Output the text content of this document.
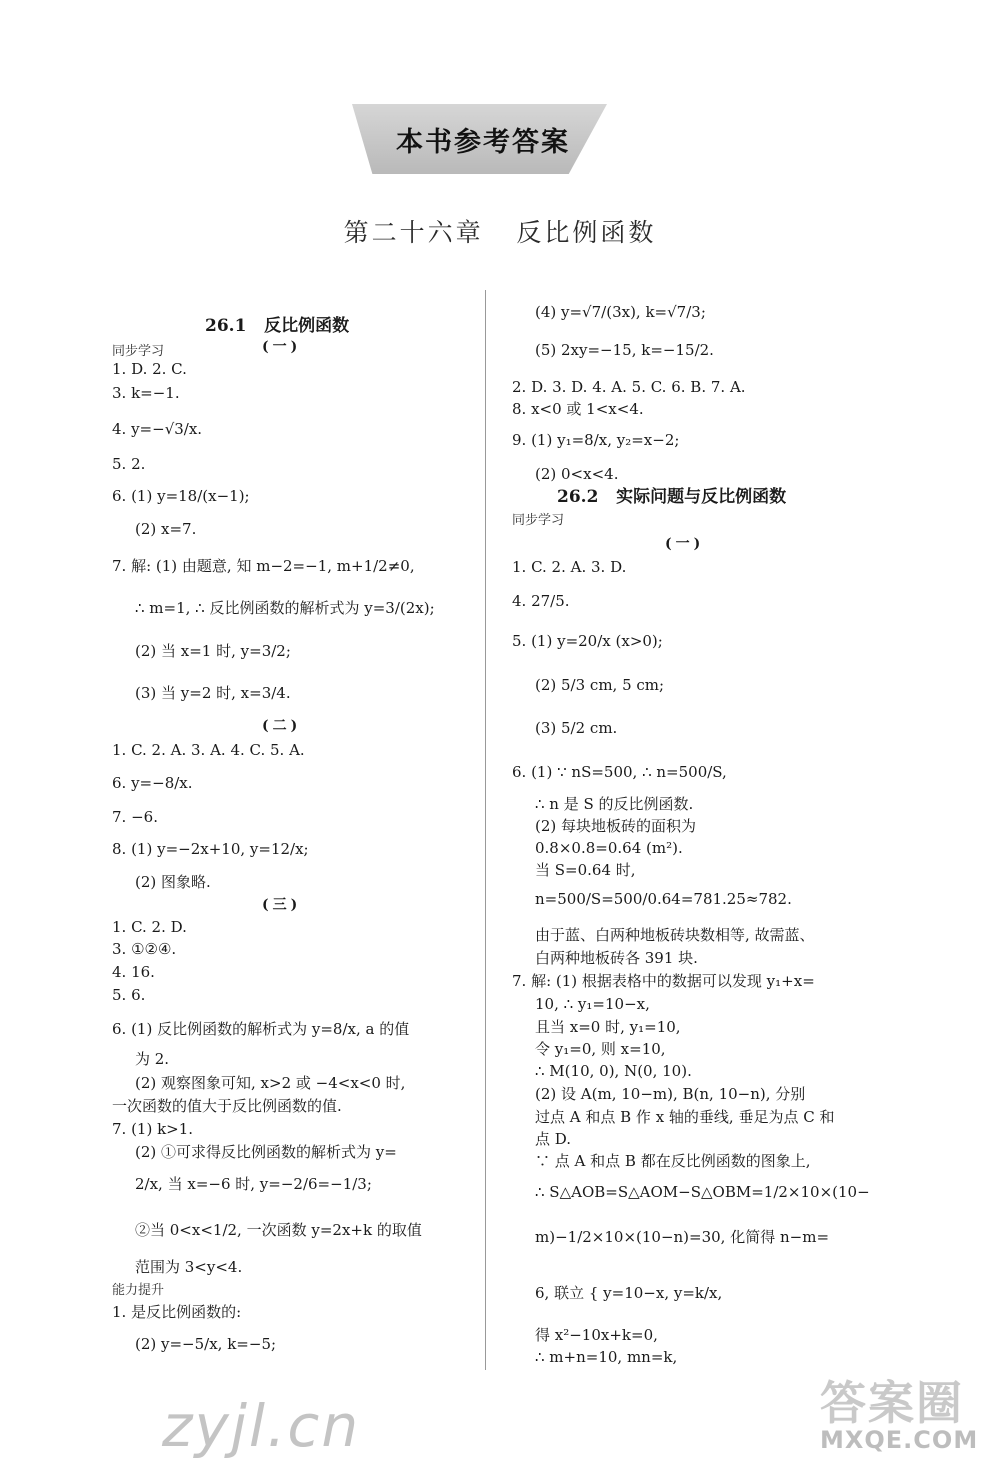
本书参考答案
第二十六章   反比例函数
26.1   反比例函数
同步学习	(一)
1. D. 2. C.
3. k=−1.
4. y=−√3/x.
5. 2.
6. (1) y=18/(x−1);
(2) x=7.
7. 解: (1) 由题意, 知 m−2=−1, m+1/2≠0,
∴ m=1, ∴ 反比例函数的解析式为 y=3/(2x);
(2) 当 x=1 时, y=3/2;
(3) 当 y=2 时, x=3/4.
(二)
1. C. 2. A. 3. A. 4. C. 5. A.
6. y=−8/x.
7. −6.
8. (1) y=−2x+10, y=12/x;
(2) 图象略.
(三)
1. C. 2. D.
3. ①②④.
4. 16.
5. 6.
6. (1) 反比例函数的解析式为 y=8/x, a 的值
为 2.
(2) 观察图象可知, x>2 或 −4<x<0 时,
一次函数的值大于反比例函数的值.
7. (1) k>1.
(2) ①可求得反比例函数的解析式为 y=
2/x, 当 x=−6 时, y=−2/6=−1/3;
②当 0<x<1/2, 一次函数 y=2x+k 的取值
范围为 3<y<4.
能力提升
1. 是反比例函数的:
(2) y=−5/x, k=−5;
(4) y=√7/(3x), k=√7/3;
(5) 2xy=−15, k=−15/2.
2. D. 3. D. 4. A. 5. C. 6. B. 7. A.
8. x<0 或 1<x<4.
9. (1) y₁=8/x, y₂=x−2;
(2) 0<x<4.
26.2   实际问题与反比例函数
同步学习
(一)
1. C. 2. A. 3. D.
4. 27/5.
5. (1) y=20/x (x>0);
(2) 5/3 cm, 5 cm;
(3) 5/2 cm.
6. (1) ∵ nS=500, ∴ n=500/S,
∴ n 是 S 的反比例函数.
(2) 每块地板砖的面积为
0.8×0.8=0.64 (m²).
当 S=0.64 时,
n=500/S=500/0.64=781.25≈782.
由于蓝、白两种地板砖块数相等, 故需蓝、
白两种地板砖各 391 块.
7. 解: (1) 根据表格中的数据可以发现 y₁+x=
10, ∴ y₁=10−x,
且当 x=0 时, y₁=10,
令 y₁=0, 则 x=10,
∴ M(10, 0), N(0, 10).
(2) 设 A(m, 10−m), B(n, 10−n), 分别
过点 A 和点 B 作 x 轴的垂线, 垂足为点 C 和
点 D.
∵ 点 A 和点 B 都在反比例函数的图象上,
∴ S△AOB=S△AOM−S△OBM=1/2×10×(10−
m)−1/2×10×(10−n)=30, 化简得 n−m=
6, 联立 { y=10−x, y=k/x,
得 x²−10x+k=0,
∴ m+n=10, mn=k,
zyjl.cn	答案圈
MXQE.COM
